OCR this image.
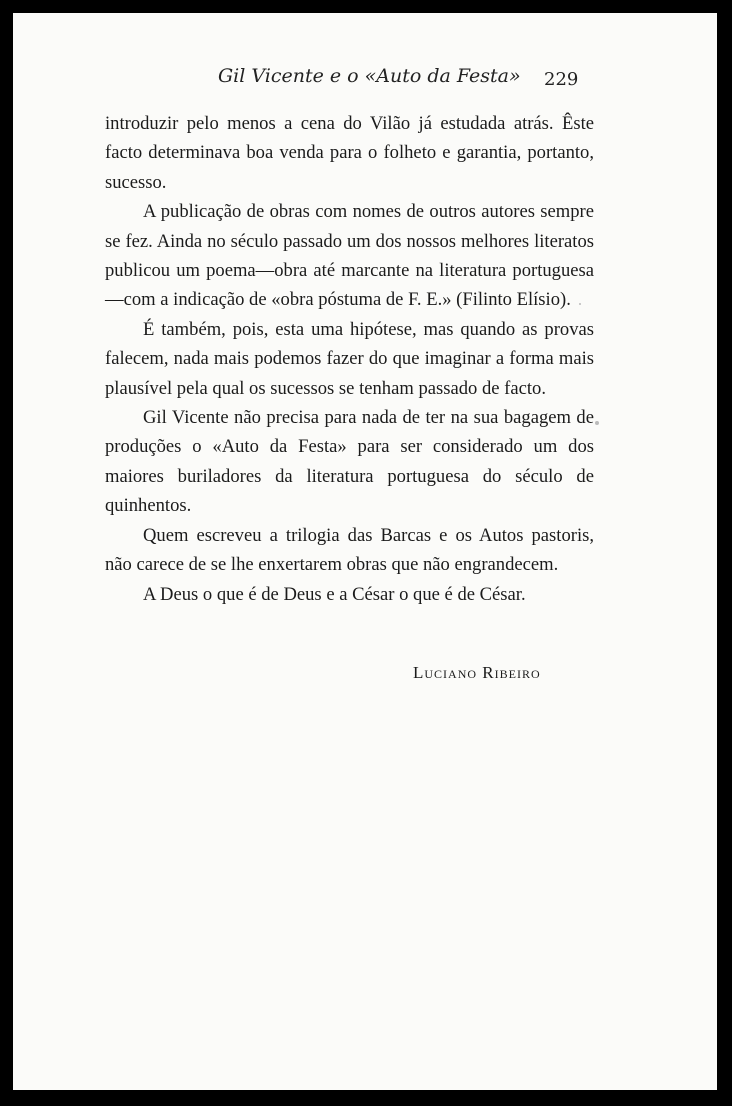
Gil Vicente e o «Auto da Festa» 229

introduzir pelo menos a cena do Vilão já estudada atrás. Êste facto determinava boa venda para o folheto e garantia, portanto, sucesso.

A publicação de obras com nomes de outros autores sempre se fez. Ainda no século passado um dos nossos melhores literatos publicou um poema—obra até marcante na literatura portuguesa—com a indicação de «obra póstuma de F. E.» (Filinto Elísio).

É também, pois, esta uma hipótese, mas quando as provas falecem, nada mais podemos fazer do que imaginar a forma mais plausível pela qual os sucessos se tenham passado de facto.

Gil Vicente não precisa para nada de ter na sua bagagem de produções o «Auto da Festa» para ser considerado um dos maiores buriladores da literatura portuguesa do século de quinhentos.

Quem escreveu a trilogia das Barcas e os Autos pastoris, não carece de se lhe enxertarem obras que não engrandecem.

A Deus o que é de Deus e a César o que é de César.

Luciano Ribeiro
